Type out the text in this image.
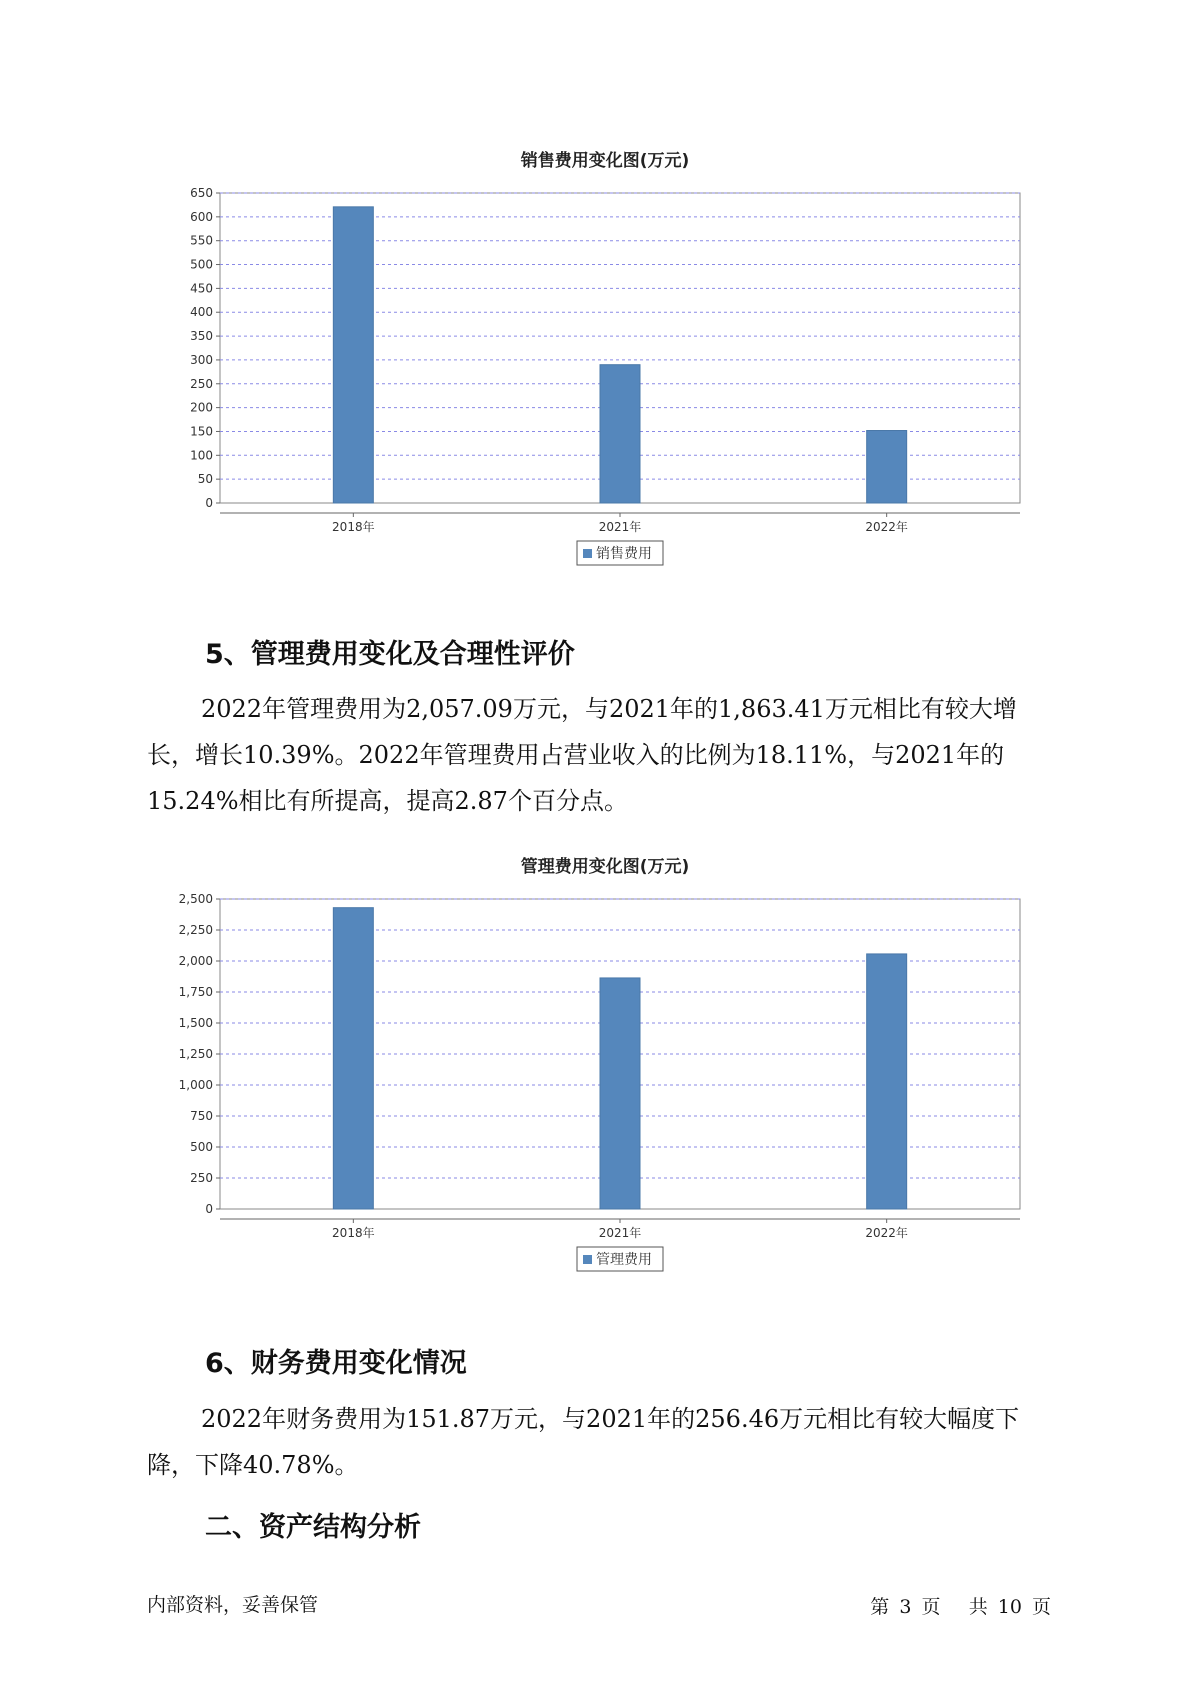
销售费用变化图(万元)
0
50
100
150
200
250
300
350
400
450
500
550
600
650
2018年	2021年	2022年
销售费用
5、管理费用变化及合理性评价

2022年管理费用为2,057.09万元，与2021年的1,863.41万元相比有较大增长，增长10.39%。2022年管理费用占营业收入的比例为18.11%，与2021年的15.24%相比有所提高，提高2.87个百分点。

管理费用变化图(万元)
0
250
500
750
1,000
1,250
1,500
1,750
2,000
2,250
2,500
2018年	2021年	2022年
管理费用
6、财务费用变化情况

2022年财务费用为151.87万元，与2021年的256.46万元相比有较大幅度下降，下降40.78%。

二、资产结构分析
内部资料，妥善保管	第 3 页 共 10 页
